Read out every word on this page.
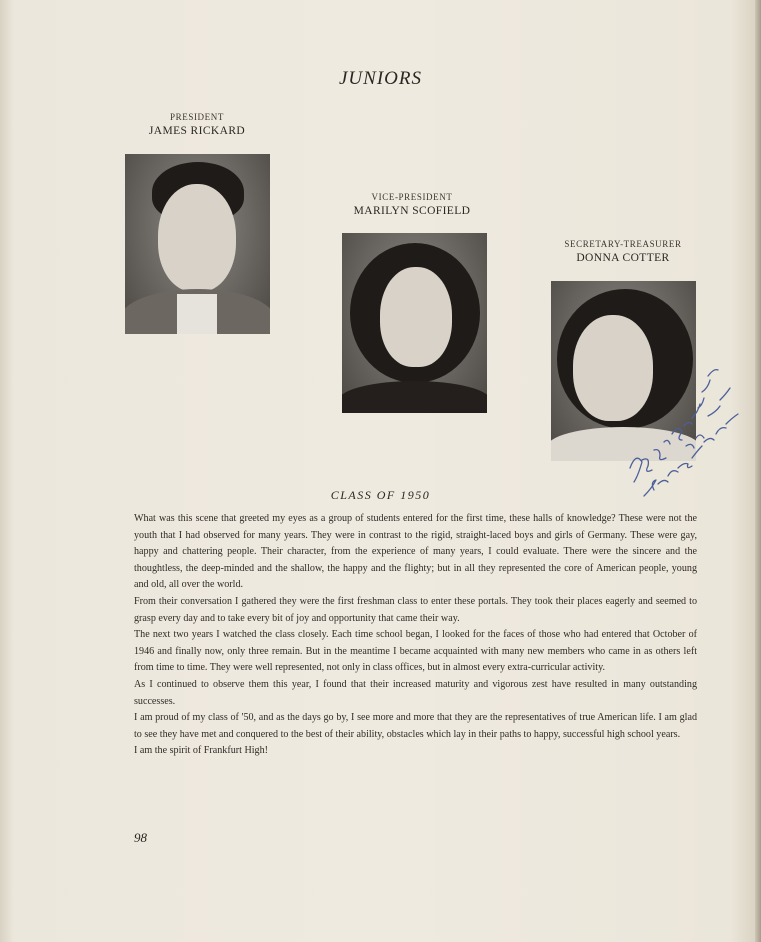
JUNIORS
PRESIDENT
JAMES RICKARD
VICE-PRESIDENT
MARILYN SCOFIELD
SECRETARY-TREASURER
DONNA COTTER
CLASS OF 1950

What was this scene that greeted my eyes as a group of students entered for the first time, these halls of knowledge? These were not the youth that I had observed for many years. They were in contrast to the rigid, straight-laced boys and girls of Germany. These were gay, happy and chattering people. Their character, from the experience of many years, I could evaluate. There were the sincere and the thoughtless, the deep-minded and the shallow, the happy and the flighty; but in all they represented the core of American people, young and old, all over the world.

From their conversation I gathered they were the first freshman class to enter these portals. They took their places eagerly and seemed to grasp every day and to take every bit of joy and opportunity that came their way.

The next two years I watched the class closely. Each time school began, I looked for the faces of those who had entered that October of 1946 and finally now, only three remain. But in the meantime I became acquainted with many new members who came in as others left from time to time. They were well represented, not only in class offices, but in almost every extra-curricular activity.

As I continued to observe them this year, I found that their increased maturity and vigorous zest have resulted in many outstanding successes.

I am proud of my class of '50, and as the days go by, I see more and more that they are the representatives of true American life. I am glad to see they have met and conquered to the best of their ability, obstacles which lay in their paths to happy, successful high school years.

I am the spirit of Frankfurt High!

98
